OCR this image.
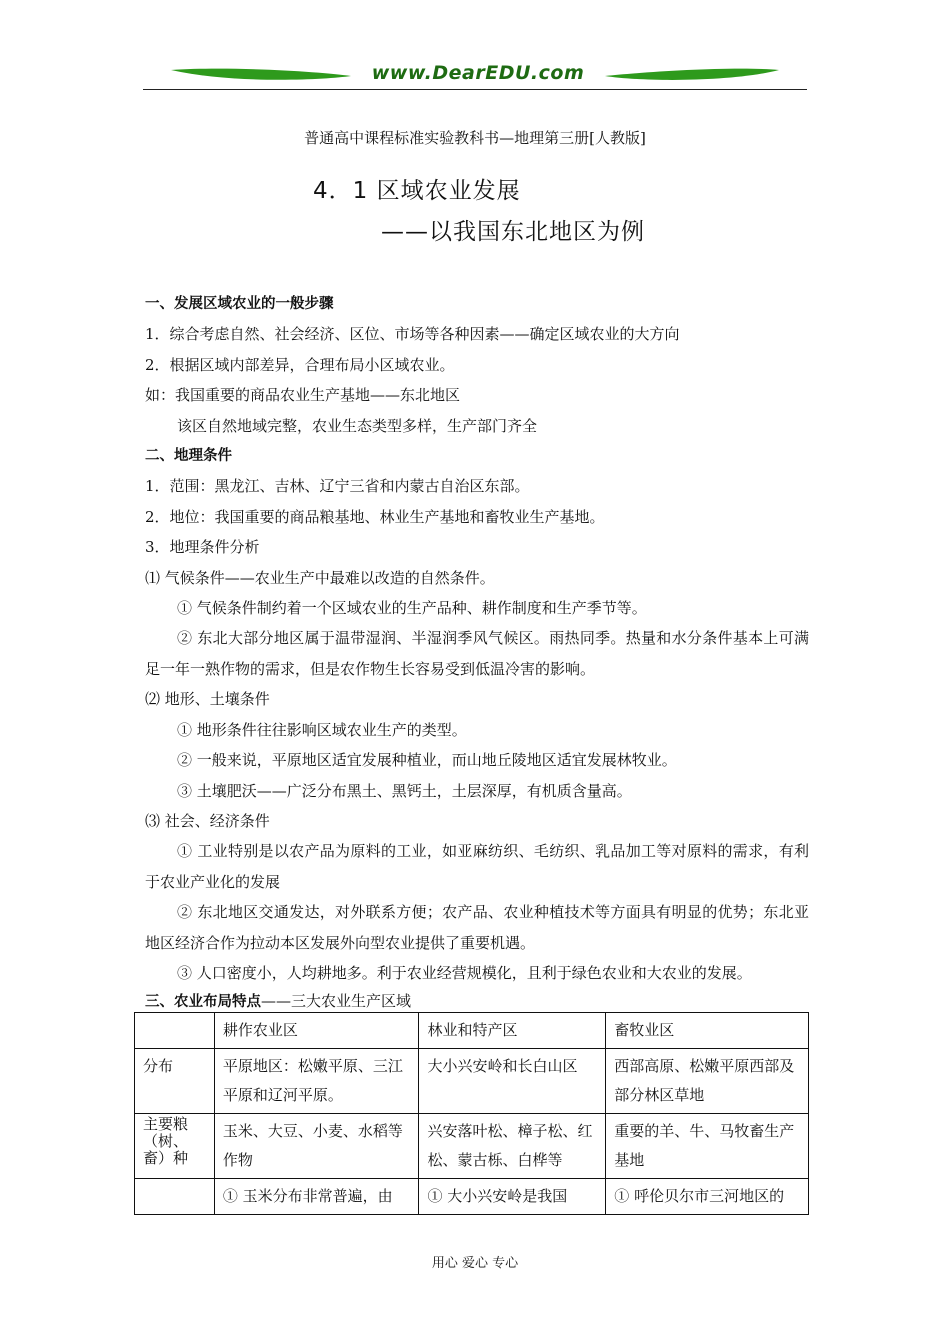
www.DearEDU.com
普通高中课程标准实验教科书—地理第三册[人教版]
4．1 区域农业发展
——以我国东北地区为例

一、发展区域农业的一般步骤

1．综合考虑自然、社会经济、区位、市场等各种因素——确定区域农业的大方向

2．根据区域内部差异，合理布局小区域农业。

如：我国重要的商品农业生产基地——东北地区

该区自然地域完整，农业生态类型多样，生产部门齐全

二、地理条件

1．范围：黑龙江、吉林、辽宁三省和内蒙古自治区东部。

2．地位：我国重要的商品粮基地、林业生产基地和畜牧业生产基地。

3．地理条件分析

⑴ 气候条件——农业生产中最难以改造的自然条件。

① 气候条件制约着一个区域农业的生产品种、耕作制度和生产季节等。

② 东北大部分地区属于温带湿润、半湿润季风气候区。雨热同季。热量和水分条件基本上可满足一年一熟作物的需求，但是农作物生长容易受到低温冷害的影响。

⑵ 地形、土壤条件

① 地形条件往往影响区域农业生产的类型。

② 一般来说，平原地区适宜发展种植业，而山地丘陵地区适宜发展林牧业。

③ 土壤肥沃——广泛分布黑土、黑钙土，土层深厚，有机质含量高。

⑶ 社会、经济条件

① 工业特别是以农产品为原料的工业，如亚麻纺织、毛纺织、乳品加工等对原料的需求，有利于农业产业化的发展

② 东北地区交通发达，对外联系方便；农产品、农业种植技术等方面具有明显的优势；东北亚地区经济合作为拉动本区发展外向型农业提供了重要机遇。

③ 人口密度小，人均耕地多。利于农业经营规模化，且利于绿色农业和大农业的发展。

三、农业布局特点——三大农业生产区域
	耕作农业区	林业和特产区	畜牧业区
分布	平原地区：松嫩平原、三江平原和辽河平原。	大小兴安岭和长白山区	西部高原、松嫩平原西部及部分林区草地
主要粮（树、畜）种	玉米、大豆、小麦、水稻等作物	兴安落叶松、樟子松、红松、蒙古栎、白桦等	重要的羊、牛、马牧畜生产基地
	① 玉米分布非常普遍，由	① 大小兴安岭是我国	① 呼伦贝尔市三河地区的
用心 爱心 专心
